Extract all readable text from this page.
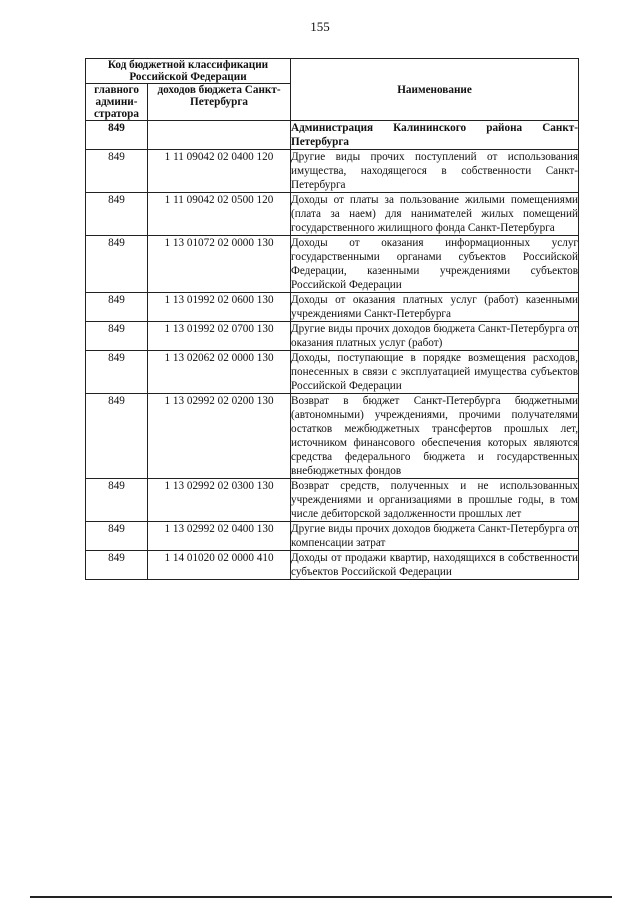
155
Код бюджетной классификации Российской Федерации		Наименование
главного админи-стратора	доходов бюджета Санкт-Петербурга	
849		Администрация Калининского района Санкт-Петербурга
849	1 11 09042 02 0400 120	Другие виды прочих поступлений от использования имущества, находящегося в собственности Санкт-Петербурга
849	1 11 09042 02 0500 120	Доходы от платы за пользование жилыми помещениями (плата за наем) для нанимателей жилых помещений государственного жилищного фонда Санкт-Петербурга
849	1 13 01072 02 0000 130	Доходы от оказания информационных услуг государственными органами субъектов Российской Федерации, казенными учреждениями субъектов Российской Федерации
849	1 13 01992 02 0600 130	Доходы от оказания платных услуг (работ) казенными учреждениями Санкт-Петербурга
849	1 13 01992 02 0700 130	Другие виды прочих доходов бюджета Санкт-Петербурга от оказания платных услуг (работ)
849	1 13 02062 02 0000 130	Доходы, поступающие в порядке возмещения расходов, понесенных в связи с эксплуатацией имущества субъектов Российской Федерации
849	1 13 02992 02 0200 130	Возврат в бюджет Санкт-Петербурга бюджетными (автономными) учреждениями, прочими получателями остатков межбюджетных трансфертов прошлых лет, источником финансового обеспечения которых являются средства федерального бюджета и государственных внебюджетных фондов
849	1 13 02992 02 0300 130	Возврат средств, полученных и не использованных учреждениями и организациями в прошлые годы, в том числе дебиторской задолженности прошлых лет
849	1 13 02992 02 0400 130	Другие виды прочих доходов бюджета Санкт-Петербурга от компенсации затрат
849	1 14 01020 02 0000 410	Доходы от продажи квартир, находящихся в собственности субъектов Российской Федерации
